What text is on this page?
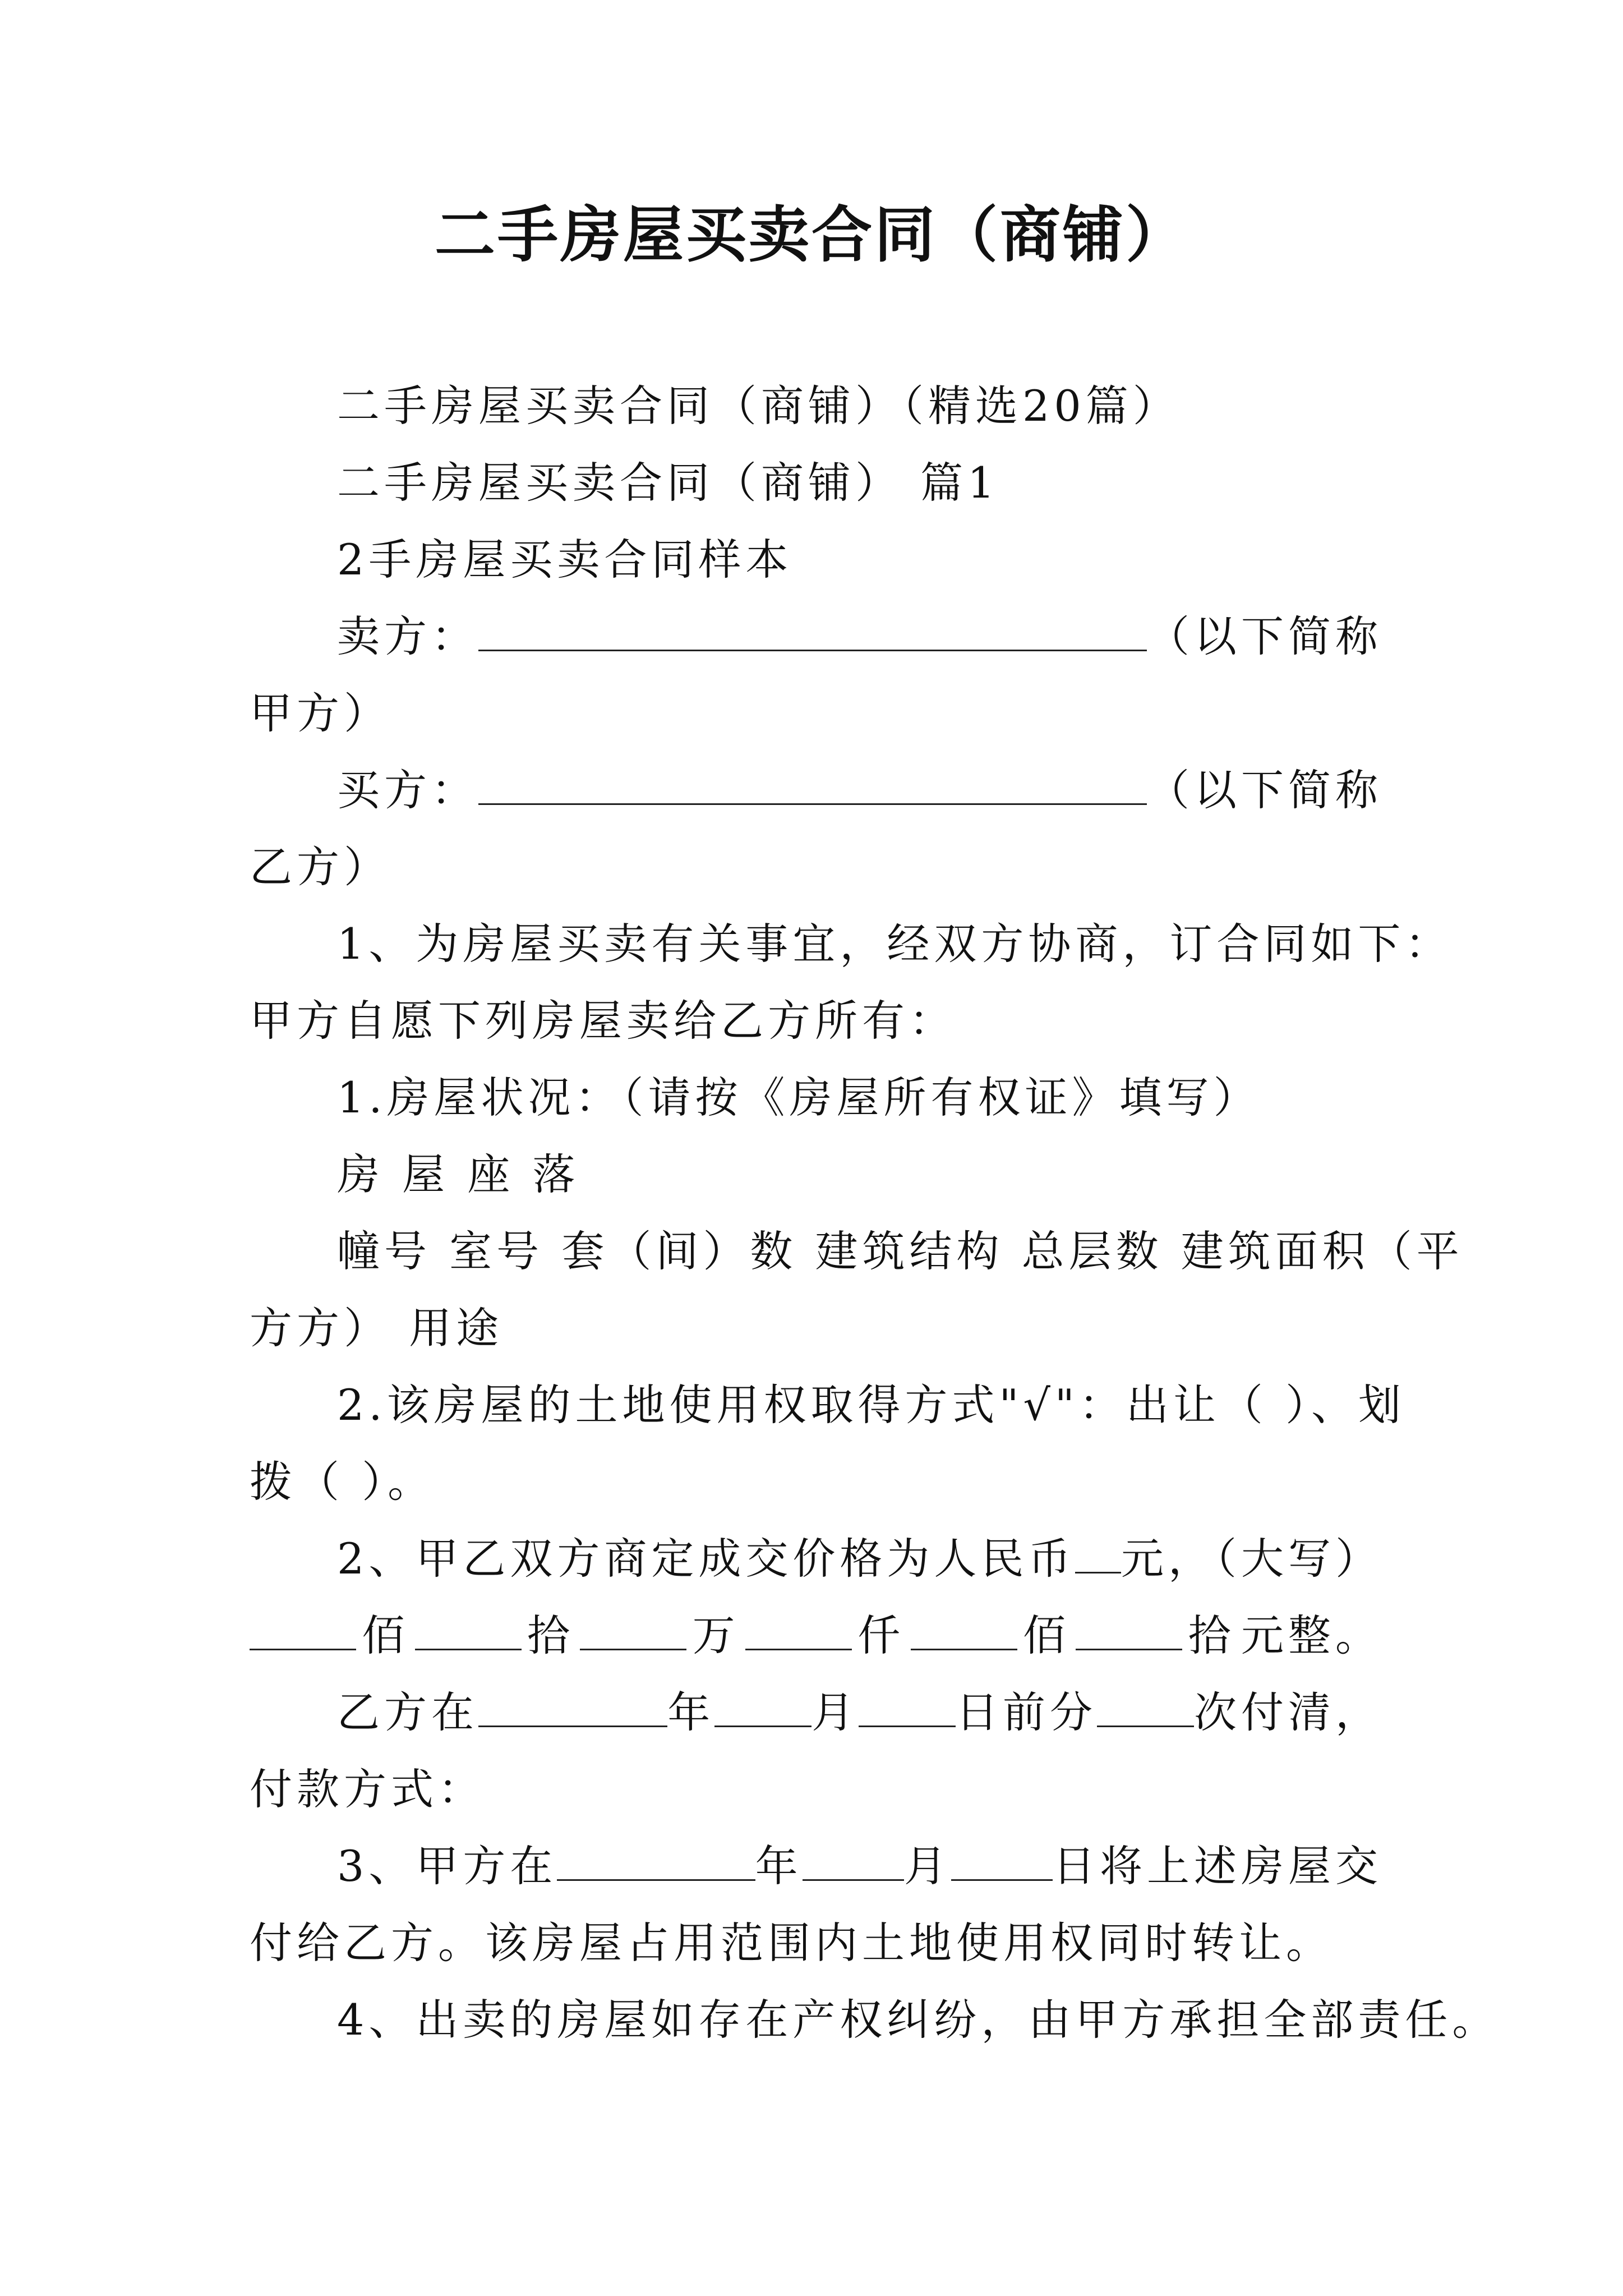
二手房屋买卖合同（商铺）

二手房屋买卖合同（商铺）（精选20篇）

二手房屋买卖合同（商铺） 篇1

2手房屋买卖合同样本

卖方：	（以下简称

甲方）

买方：	（以下简称

乙方）

1、为房屋买卖有关事宜，经双方协商，订合同如下：

甲方自愿下列房屋卖给乙方所有：

1.房屋状况：（请按《房屋所有权证》填写）

房 屋 座 落

幢号 室号 套（间）数 建筑结构 总层数 建筑面积（平

方方） 用途

2.该房屋的土地使用权取得方式"√"：出让（ ）、划

拨（ ）。

2、甲乙双方商定成交价格为人民币 元，（大写）
佰	拾	万	仟	佰	拾 元整。
乙方在	年 月 日前分 次付清，

付款方式：

3、甲方在	年 月 日将上述房屋交

付给乙方。该房屋占用范围内土地使用权同时转让。

4、出卖的房屋如存在产权纠纷，由甲方承担全部责任。
